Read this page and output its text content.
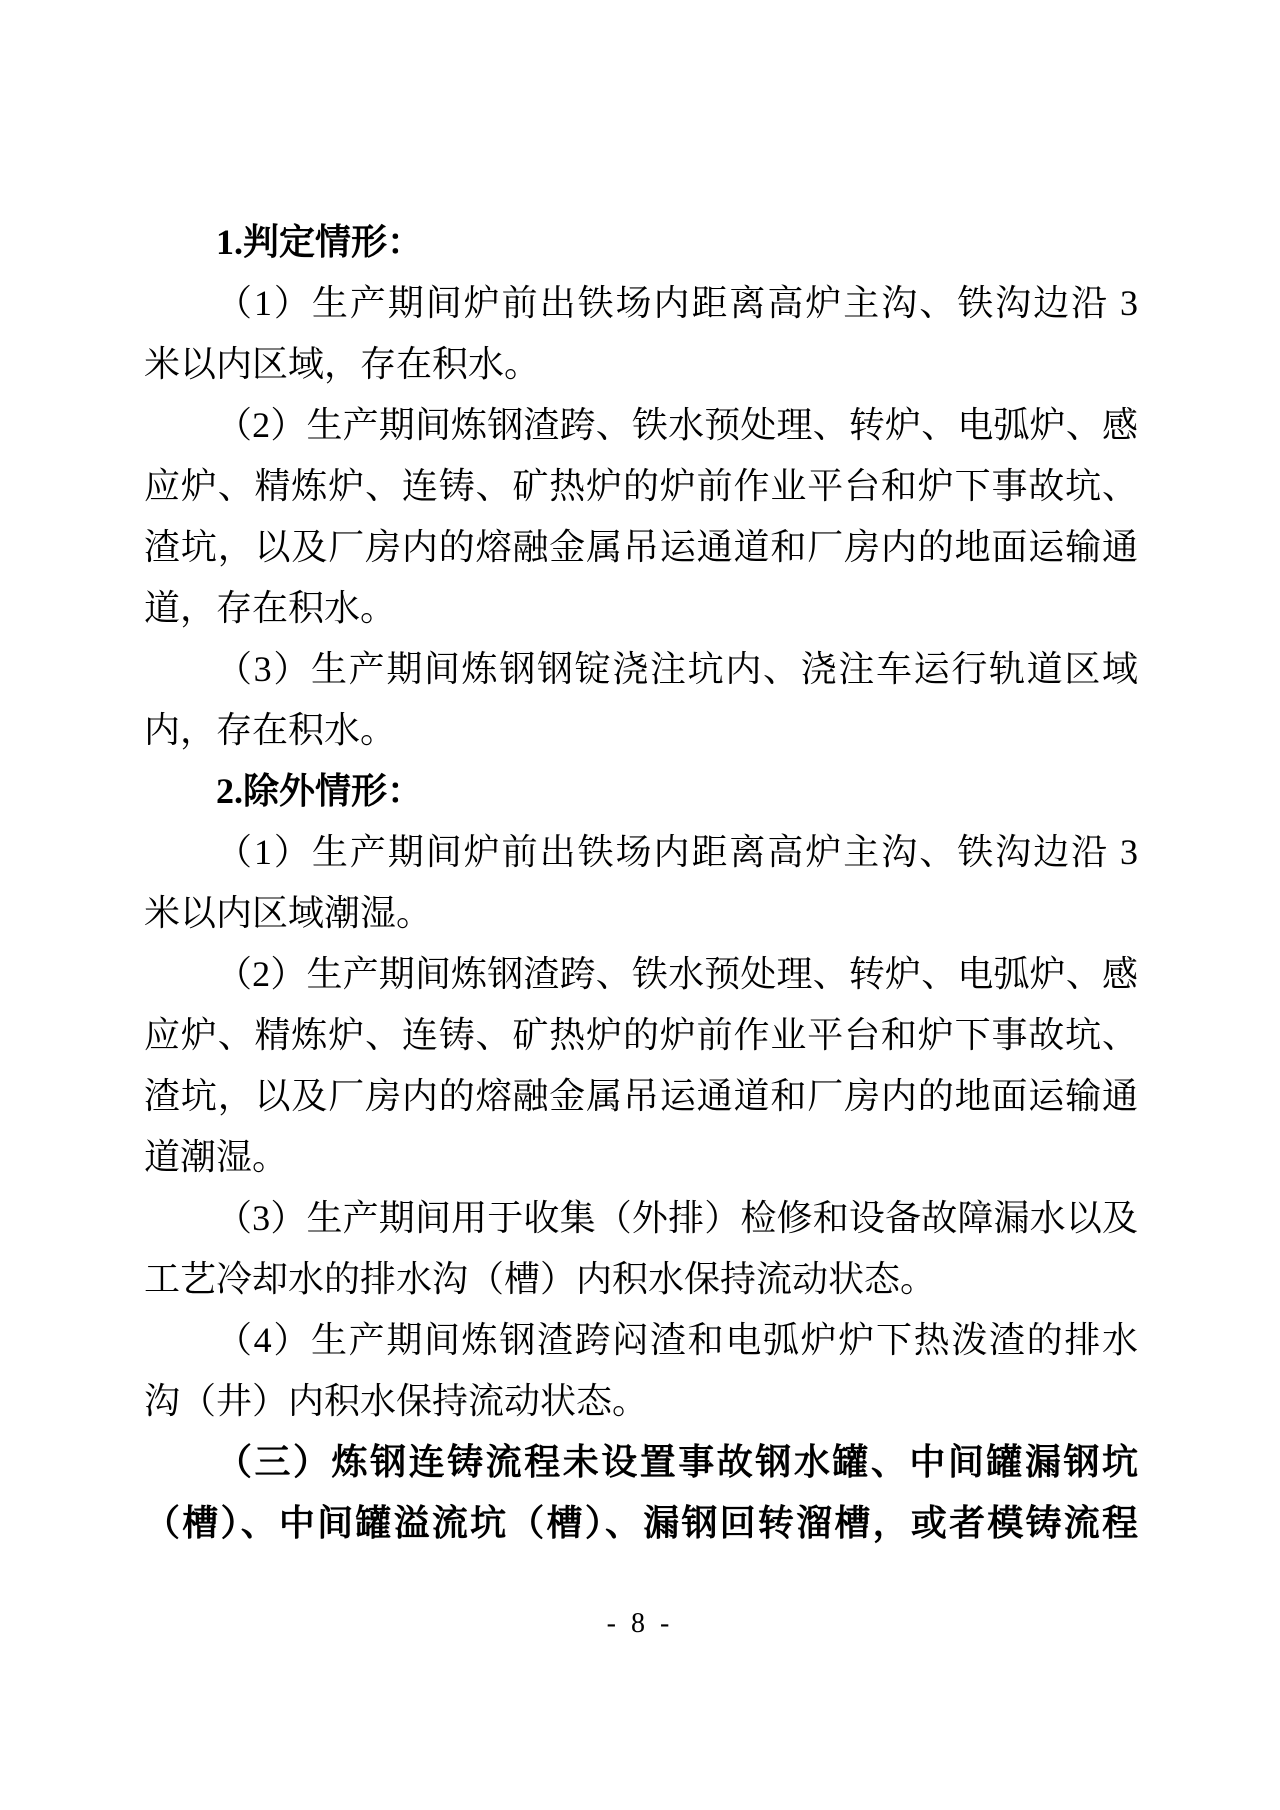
1.判定情形：
（1）生产期间炉前出铁场内距离高炉主沟、铁沟边沿 3
米以内区域，存在积水。
（2）生产期间炼钢渣跨、铁水预处理、转炉、电弧炉、感
应炉、精炼炉、连铸、矿热炉的炉前作业平台和炉下事故坑、
渣坑，以及厂房内的熔融金属吊运通道和厂房内的地面运输通
道，存在积水。
（3）生产期间炼钢钢锭浇注坑内、浇注车运行轨道区域
内，存在积水。
2.除外情形：
（1）生产期间炉前出铁场内距离高炉主沟、铁沟边沿 3
米以内区域潮湿。
（2）生产期间炼钢渣跨、铁水预处理、转炉、电弧炉、感
应炉、精炼炉、连铸、矿热炉的炉前作业平台和炉下事故坑、
渣坑，以及厂房内的熔融金属吊运通道和厂房内的地面运输通
道潮湿。
（3）生产期间用于收集（外排）检修和设备故障漏水以及
工艺冷却水的排水沟（槽）内积水保持流动状态。
（4）生产期间炼钢渣跨闷渣和电弧炉炉下热泼渣的排水
沟（井）内积水保持流动状态。
（三）炼钢连铸流程未设置事故钢水罐、中间罐漏钢坑
（槽）、中间罐溢流坑（槽）、漏钢回转溜槽，或者模铸流程
- 8 -
